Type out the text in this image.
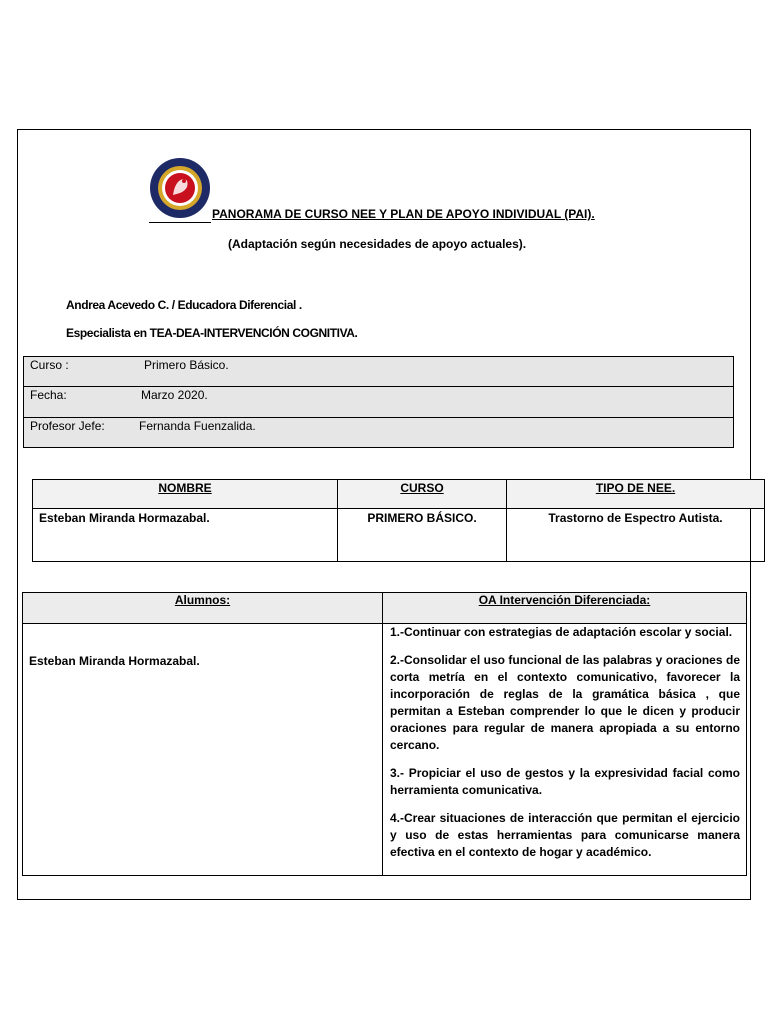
PANORAMA DE CURSO NEE Y PLAN DE APOYO INDIVIDUAL (PAI).
(Adaptación según necesidades de apoyo actuales).
Andrea Acevedo C. / Educadora Diferencial .
Especialista en TEA-DEA-INTERVENCIÓN COGNITIVA.
Curso :	Primero Básico.
Fecha:	Marzo 2020.
Profesor Jefe:	Fernanda Fuenzalida.
NOMBRE	CURSO	TIPO DE NEE.
Esteban Miranda Hormazabal.	PRIMERO BÁSICO.	Trastorno de Espectro Autista.
Alumnos:	OA Intervención Diferenciada:
Esteban Miranda Hormazabal.	1.-Continuar con estrategias de adaptación escolar y social.

2.-Consolidar el uso funcional de las palabras y oraciones de corta metría en el contexto comunicativo, favorecer la incorporación de reglas de la gramática básica , que permitan a Esteban comprender lo que le dicen y producir oraciones para regular de manera apropiada a su entorno cercano.

3.- Propiciar el uso de gestos y la expresividad facial como herramienta comunicativa.

4.-Crear situaciones de interacción que permitan el ejercicio y uso de estas herramientas para comunicarse manera efectiva en el contexto de hogar y académico.
